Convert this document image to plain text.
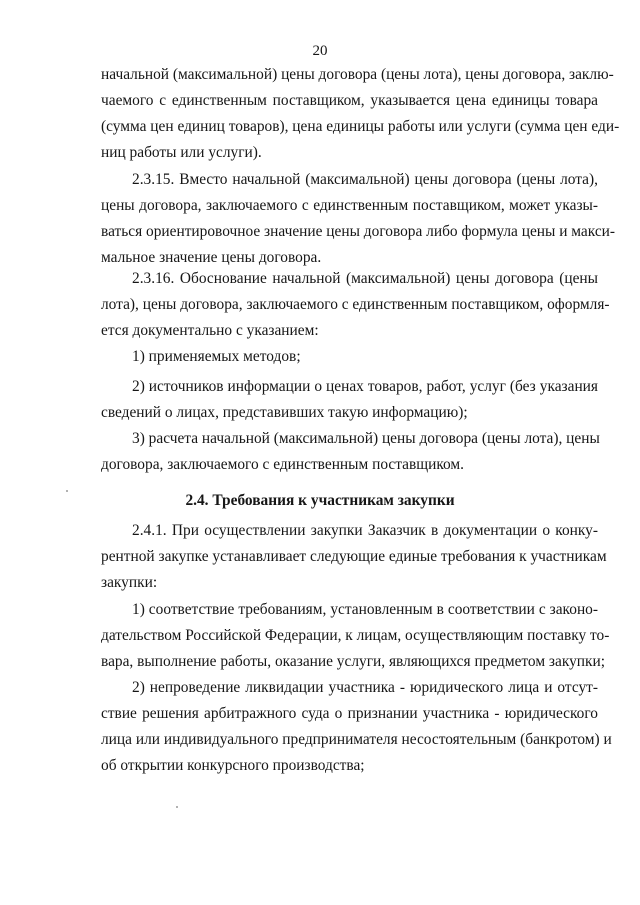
20
начальной (максимальной) цены договора (цены лота), цены договора, заклю-
чаемого с единственным поставщиком, указывается цена единицы товара
(сумма цен единиц товаров), цена единицы работы или услуги (сумма цен еди-
ниц работы или услуги).
2.3.15. Вместо начальной (максимальной) цены договора (цены лота),
цены договора, заключаемого с единственным поставщиком, может указы-
ваться ориентировочное значение цены договора либо формула цены и макси-
мальное значение цены договора.
2.3.16. Обоснование начальной (максимальной) цены договора (цены
лота), цены договора, заключаемого с единственным поставщиком, оформля-
ется документально с указанием:
1) применяемых методов;
2) источников информации о ценах товаров, работ, услуг (без указания
сведений о лицах, представивших такую информацию);
3) расчета начальной (максимальной) цены договора (цены лота), цены
договора, заключаемого с единственным поставщиком.
2.4. Требования к участникам закупки
2.4.1. При осуществлении закупки Заказчик в документации о конку-
рентной закупке устанавливает следующие единые требования к участникам
закупки:
1) соответствие требованиям, установленным в соответствии с законо-
дательством Российской Федерации, к лицам, осуществляющим поставку то-
вара, выполнение работы, оказание услуги, являющихся предметом закупки;
2) непроведение ликвидации участника - юридического лица и отсут-
ствие решения арбитражного суда о признании участника - юридического
лица или индивидуального предпринимателя несостоятельным (банкротом) и
об открытии конкурсного производства;
